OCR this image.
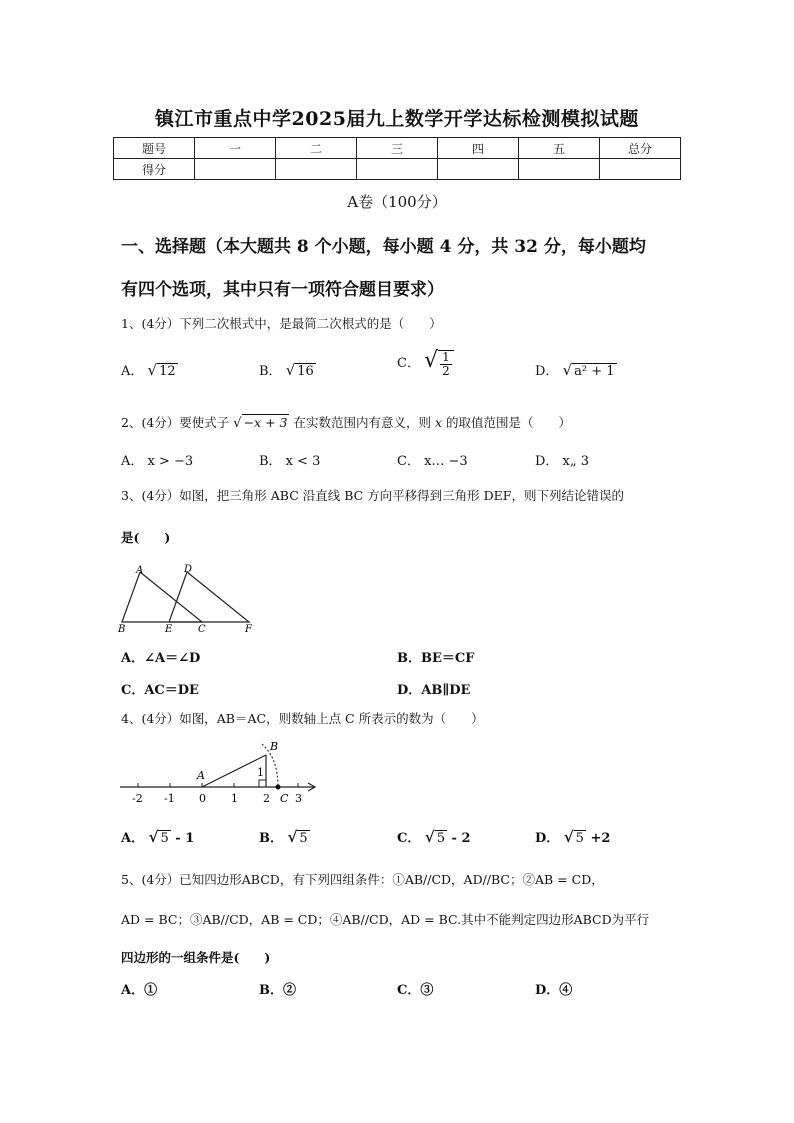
镇江市重点中学2025届九上数学开学达标检测模拟试题
题号	一	二	三	四	五	总分
得分						
A卷（100分）
一、选择题（本大题共 8 个小题，每小题 4 分，共 32 分，每小题均
有四个选项，其中只有一项符合题目要求）
1、(4分）下列二次根式中，是最简二次根式的是（　　）
A． √ 12	B． √ 16
C． √ $\frac{1}{2}$	D． √ a² + 1
2、(4分）要使式子 √ −x + 3 在实数范围内有意义，则 x 的取值范围是（　　）
A． x > −3	B． x < 3	C． x… −3	D． x„ 3
3、(4分）如图，把三角形 ABC 沿直线 BC 方向平移得到三角形 DEF，则下列结论错误的
是(　　)
A	D
B	E	C	F
A．∠A＝∠D	B．BE＝CF
C．AC＝DE	D．AB∥DE
4、(4分）如图，AB＝AC，则数轴上点 C 所表示的数为（　　）
A
B
1
C
-2 -1 0 1 2 3
A． √ 5 - 1	B． √ 5	C． √ 5 - 2	D． √ 5 +2
5、(4分）已知四边形ABCD，有下列四组条件：①AB//CD，AD//BC；②AB = CD，
AD = BC；③AB//CD，AB = CD；④AB//CD，AD = BC.其中不能判定四边形ABCD为平行
四边形的一组条件是(　　)
A．①	B．②	C．③	D．④
